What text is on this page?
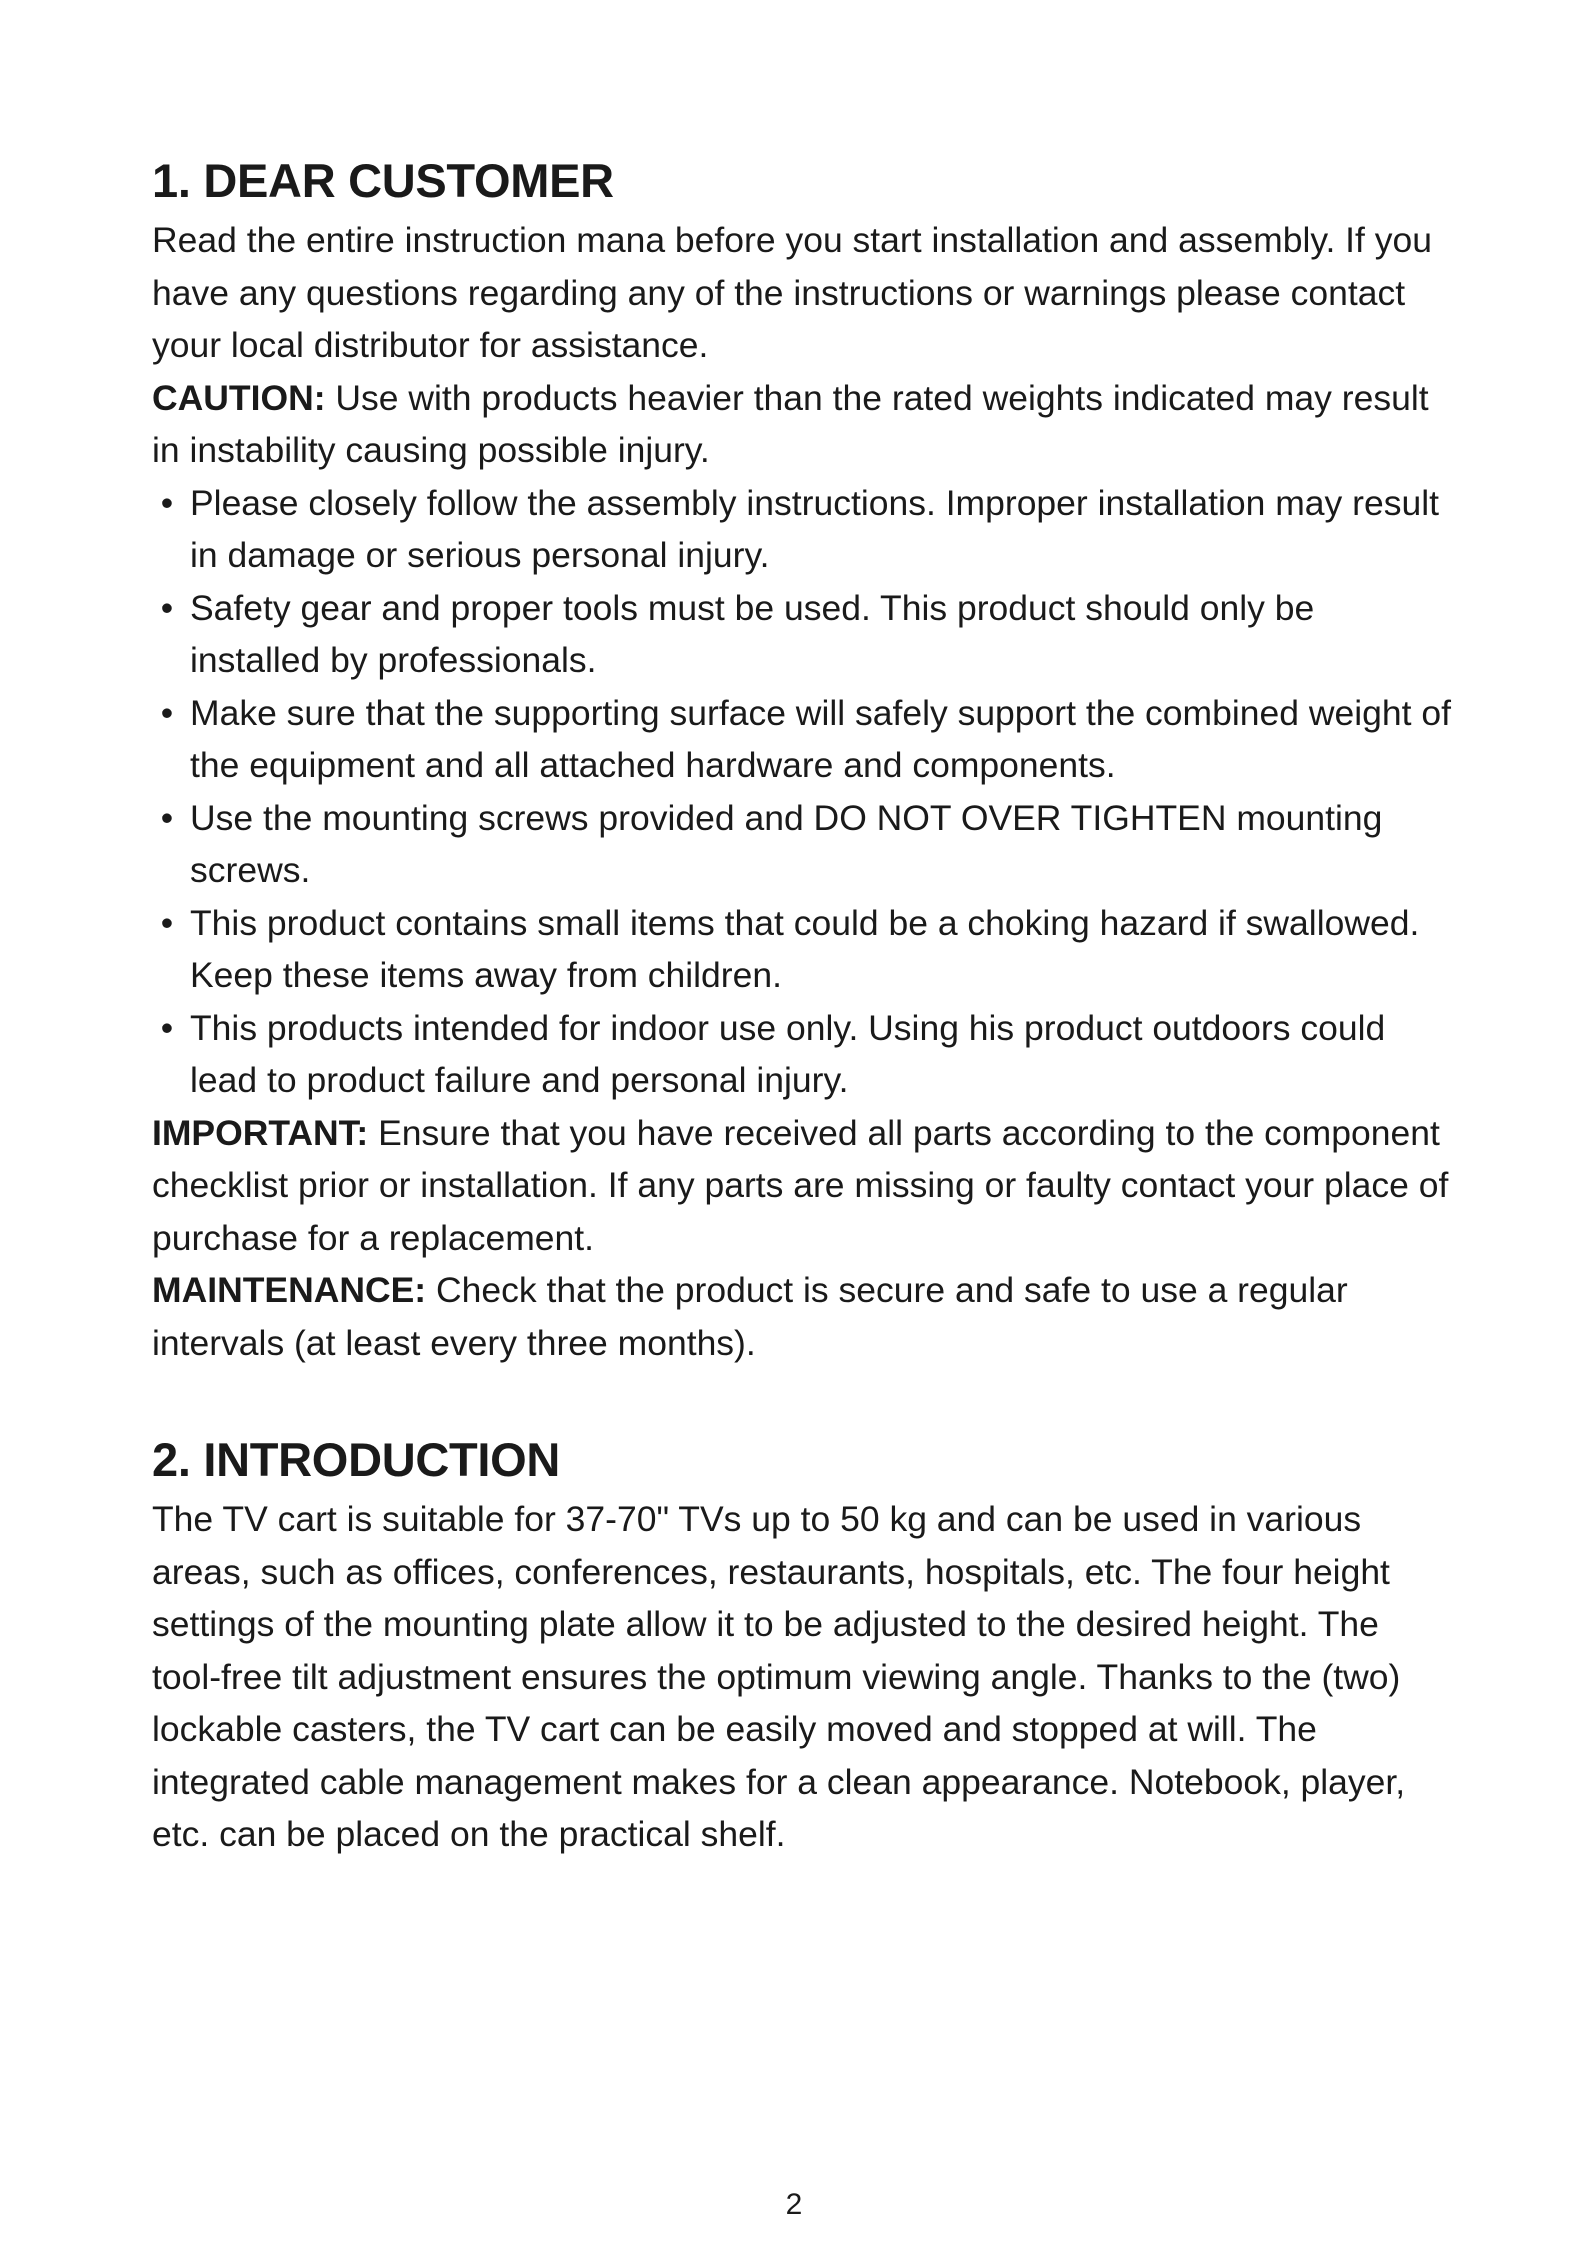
1. DEAR CUSTOMER

Read the entire instruction mana before you start installation and assembly. If you have any questions regarding any of the instructions or warnings please contact your local distributor for assistance.

CAUTION: Use with products heavier than the rated weights indicated may result in instability causing possible injury.

• Please closely follow the assembly instructions. Improper installation may result in damage or serious personal injury.
• Safety gear and proper tools must be used. This product should only be installed by professionals.
• Make sure that the supporting surface will safely support the combined weight of the equipment and all attached hardware and components.
• Use the mounting screws provided and DO NOT OVER TIGHTEN mounting screws.
• This product contains small items that could be a choking hazard if swallowed. Keep these items away from children.
• This products intended for indoor use only. Using his product outdoors could lead to product failure and personal injury.

IMPORTANT: Ensure that you have received all parts according to the component checklist prior or installation. If any parts are missing or faulty contact your place of purchase for a replacement.

MAINTENANCE: Check that the product is secure and safe to use a regular intervals (at least every three months).

2. INTRODUCTION

The TV cart is suitable for 37-70" TVs up to 50 kg and can be used in various areas, such as offices, conferences, restaurants, hospitals, etc. The four height settings of the mounting plate allow it to be adjusted to the desired height. The tool-free tilt adjustment ensures the optimum viewing angle. Thanks to the (two) lockable casters, the TV cart can be easily moved and stopped at will. The integrated cable management makes for a clean appearance. Notebook, player, etc. can be placed on the practical shelf.

2
